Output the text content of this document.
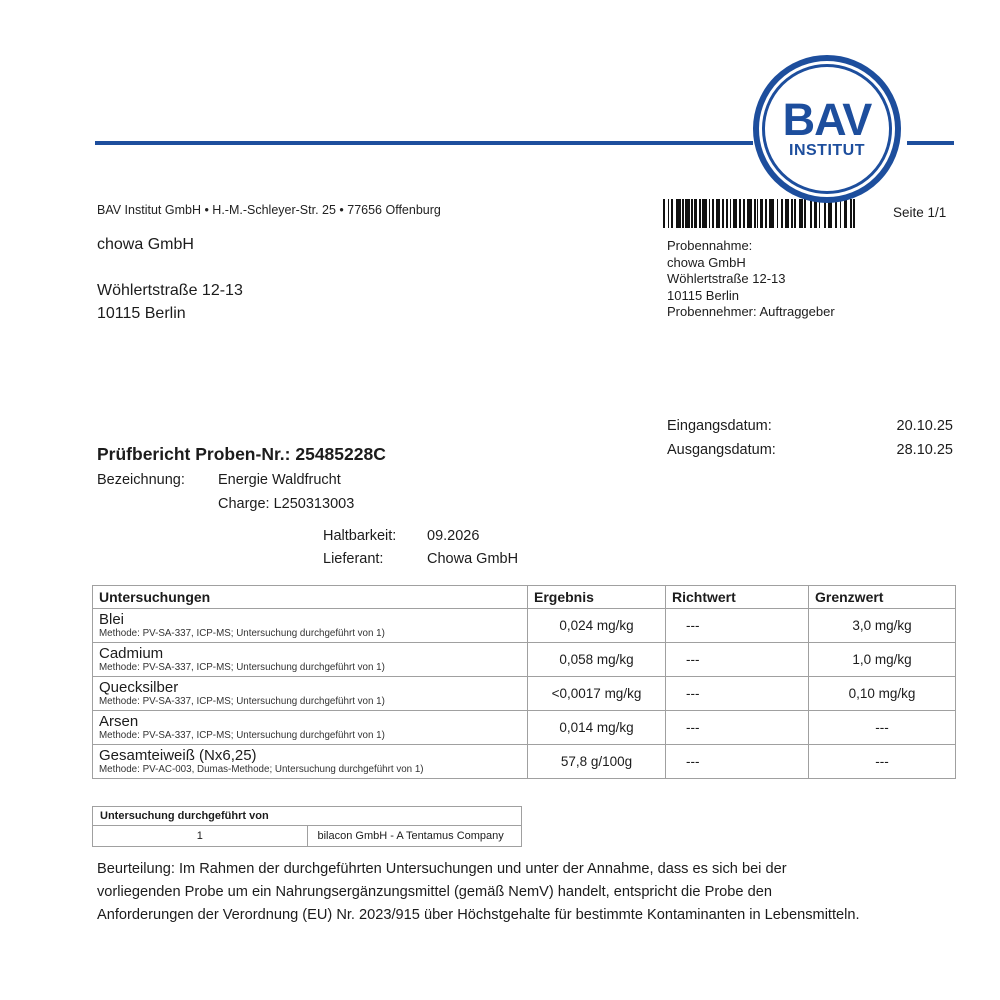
BAV
INSTITUT
BAV Institut GmbH • H.-M.-Schleyer-Str. 25 • 77656 Offenburg
chowa GmbH
Wöhlertstraße 12-13
10115 Berlin
Seite 1/1
Probennahme:
chowa GmbH
Wöhlertstraße 12-13
10115 Berlin
Probennehmer: Auftraggeber
Eingangsdatum:	20.10.25
Ausgangsdatum:	28.10.25
Prüfbericht Proben-Nr.: 25485228C
Bezeichnung: Energie Waldfrucht
Charge: L250313003
Haltbarkeit: 09.2026
Lieferant:	Chowa GmbH
Untersuchungen	Ergebnis	Richtwert	Grenzwert

Blei
Methode: PV-SA-337, ICP-MS; Untersuchung durchgeführt von 1)	0,024 mg/kg	---	3,0 mg/kg

Cadmium
Methode: PV-SA-337, ICP-MS; Untersuchung durchgeführt von 1)	0,058 mg/kg	---	1,0 mg/kg

Quecksilber
Methode: PV-SA-337, ICP-MS; Untersuchung durchgeführt von 1)	<0,0017 mg/kg	---	0,10 mg/kg

Arsen
Methode: PV-SA-337, ICP-MS; Untersuchung durchgeführt von 1)	0,014 mg/kg	---	---

Gesamteiweiß (Nx6,25)
Methode: PV-AC-003, Dumas-Methode; Untersuchung durchgeführt von 1)	57,8 g/100g	---	---
Untersuchung durchgeführt von
1	bilacon GmbH - A Tentamus Company
Beurteilung: Im Rahmen der durchgeführten Untersuchungen und unter der Annahme, dass es sich bei der
vorliegenden Probe um ein Nahrungsergänzungsmittel (gemäß NemV) handelt, entspricht die Probe den
Anforderungen der Verordnung (EU) Nr. 2023/915 über Höchstgehalte für bestimmte Kontaminanten in Lebensmitteln.
